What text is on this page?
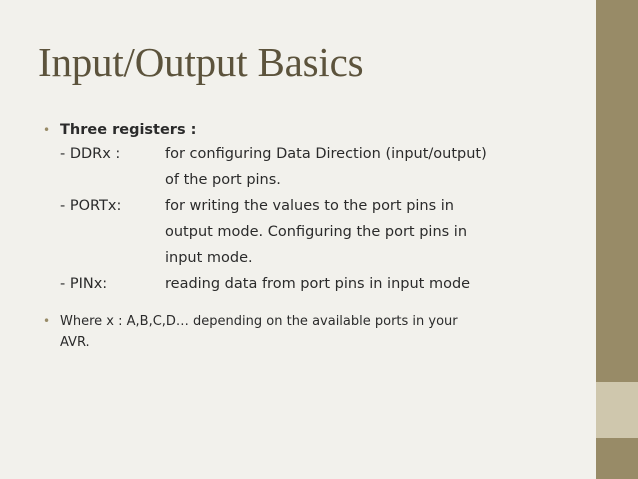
Input/Output Basics
• Three registers :
- DDRx :	for configuring Data Direction (input/output)
of the port pins.
- PORTx:	for writing the values to the port pins in
output mode. Configuring the port pins in
input mode.
- PINx:	reading data from port pins in input mode
• Where x : A,B,C,D… depending on the available ports in your
AVR.
